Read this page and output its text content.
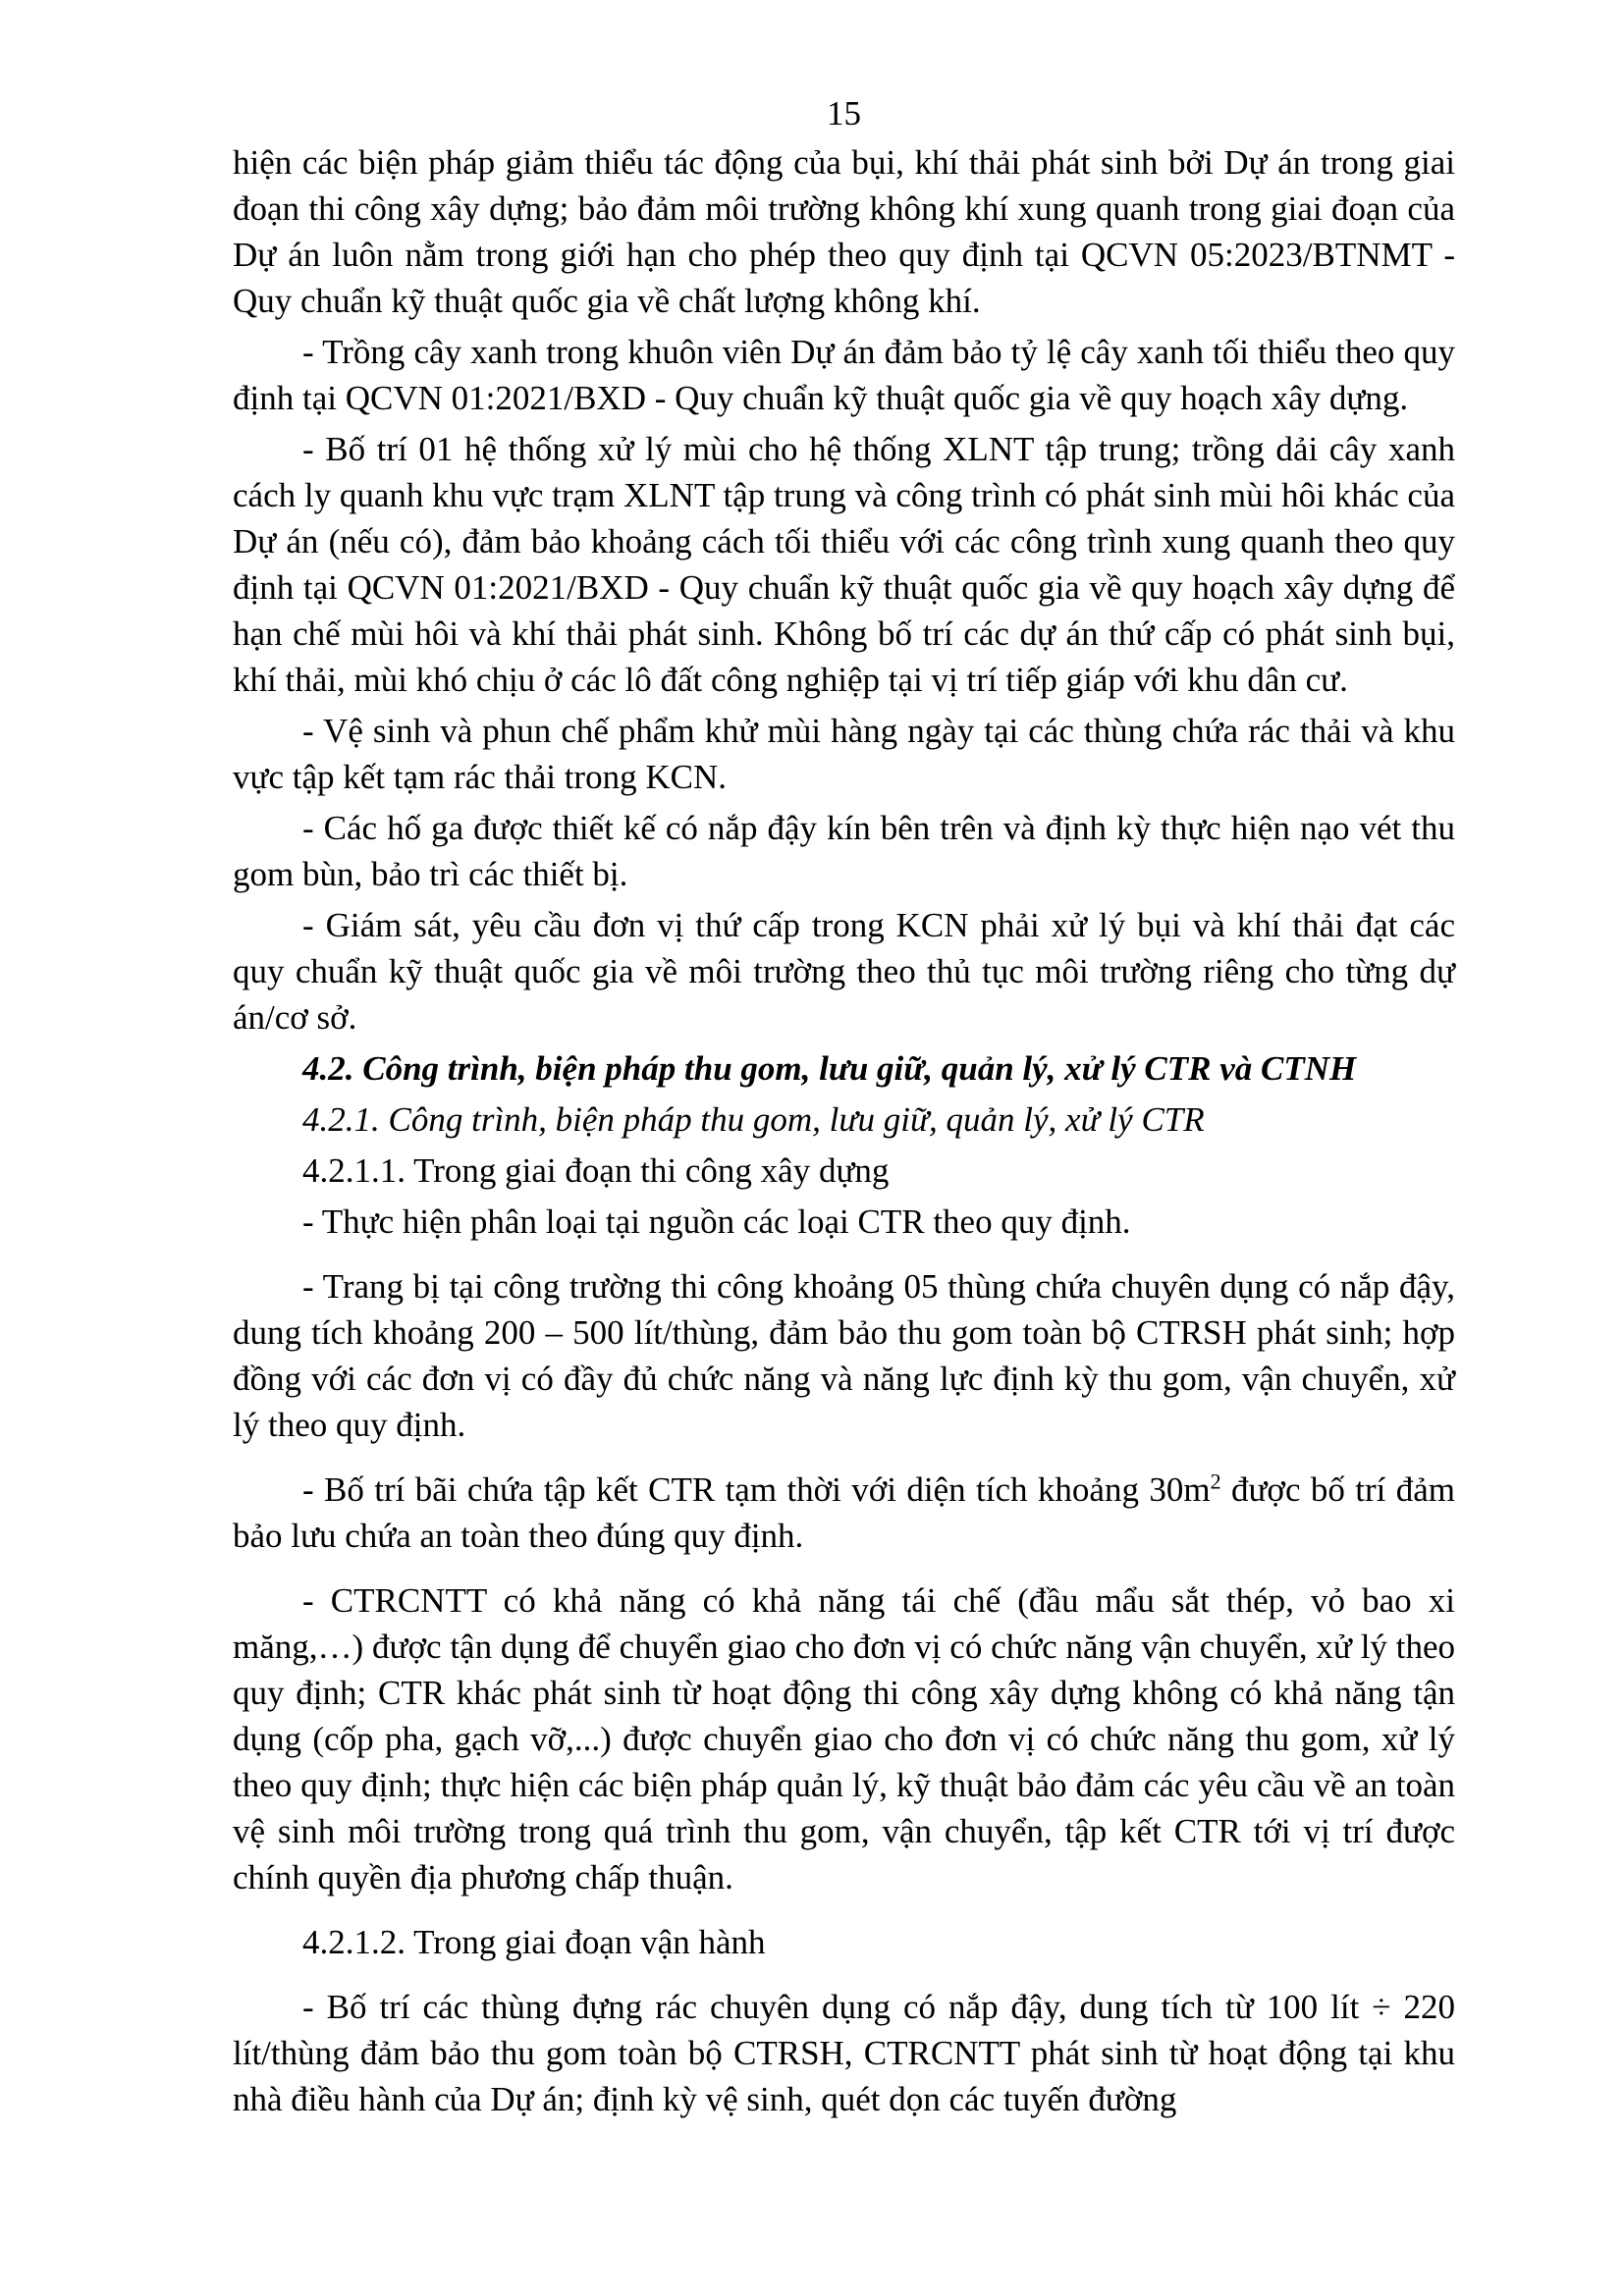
15

hiện các biện pháp giảm thiểu tác động của bụi, khí thải phát sinh bởi Dự án trong giai đoạn thi công xây dựng; bảo đảm môi trường không khí xung quanh trong giai đoạn của Dự án luôn nằm trong giới hạn cho phép theo quy định tại QCVN 05:2023/BTNMT - Quy chuẩn kỹ thuật quốc gia về chất lượng không khí.

- Trồng cây xanh trong khuôn viên Dự án đảm bảo tỷ lệ cây xanh tối thiểu theo quy định tại QCVN 01:2021/BXD - Quy chuẩn kỹ thuật quốc gia về quy hoạch xây dựng.

- Bố trí 01 hệ thống xử lý mùi cho hệ thống XLNT tập trung; trồng dải cây xanh cách ly quanh khu vực trạm XLNT tập trung và công trình có phát sinh mùi hôi khác của Dự án (nếu có), đảm bảo khoảng cách tối thiểu với các công trình xung quanh theo quy định tại QCVN 01:2021/BXD - Quy chuẩn kỹ thuật quốc gia về quy hoạch xây dựng để hạn chế mùi hôi và khí thải phát sinh. Không bố trí các dự án thứ cấp có phát sinh bụi, khí thải, mùi khó chịu ở các lô đất công nghiệp tại vị trí tiếp giáp với khu dân cư.

- Vệ sinh và phun chế phẩm khử mùi hàng ngày tại các thùng chứa rác thải và khu vực tập kết tạm rác thải trong KCN.

- Các hố ga được thiết kế có nắp đậy kín bên trên và định kỳ thực hiện nạo vét thu gom bùn, bảo trì các thiết bị.

- Giám sát, yêu cầu đơn vị thứ cấp trong KCN phải xử lý bụi và khí thải đạt các quy chuẩn kỹ thuật quốc gia về môi trường theo thủ tục môi trường riêng cho từng dự án/cơ sở.

4.2. Công trình, biện pháp thu gom, lưu giữ, quản lý, xử lý CTR và CTNH

4.2.1. Công trình, biện pháp thu gom, lưu giữ, quản lý, xử lý CTR

4.2.1.1. Trong giai đoạn thi công xây dựng

- Thực hiện phân loại tại nguồn các loại CTR theo quy định.

- Trang bị tại công trường thi công khoảng 05 thùng chứa chuyên dụng có nắp đậy, dung tích khoảng 200 – 500 lít/thùng, đảm bảo thu gom toàn bộ CTRSH phát sinh; hợp đồng với các đơn vị có đầy đủ chức năng và năng lực định kỳ thu gom, vận chuyển, xử lý theo quy định.

- Bố trí bãi chứa tập kết CTR tạm thời với diện tích khoảng $30m^2$ được bố trí đảm bảo lưu chứa an toàn theo đúng quy định.

- CTRCNTT có khả năng có khả năng tái chế (đầu mẩu sắt thép, vỏ bao xi măng,…) được tận dụng để chuyển giao cho đơn vị có chức năng vận chuyển, xử lý theo quy định; CTR khác phát sinh từ hoạt động thi công xây dựng không có khả năng tận dụng (cốp pha, gạch vỡ,...) được chuyển giao cho đơn vị có chức năng thu gom, xử lý theo quy định; thực hiện các biện pháp quản lý, kỹ thuật bảo đảm các yêu cầu về an toàn vệ sinh môi trường trong quá trình thu gom, vận chuyển, tập kết CTR tới vị trí được chính quyền địa phương chấp thuận.

4.2.1.2. Trong giai đoạn vận hành

- Bố trí các thùng đựng rác chuyên dụng có nắp đậy, dung tích từ 100 lít ÷ 220 lít/thùng đảm bảo thu gom toàn bộ CTRSH, CTRCNTT phát sinh từ hoạt động tại khu nhà điều hành của Dự án; định kỳ vệ sinh, quét dọn các tuyến đường
